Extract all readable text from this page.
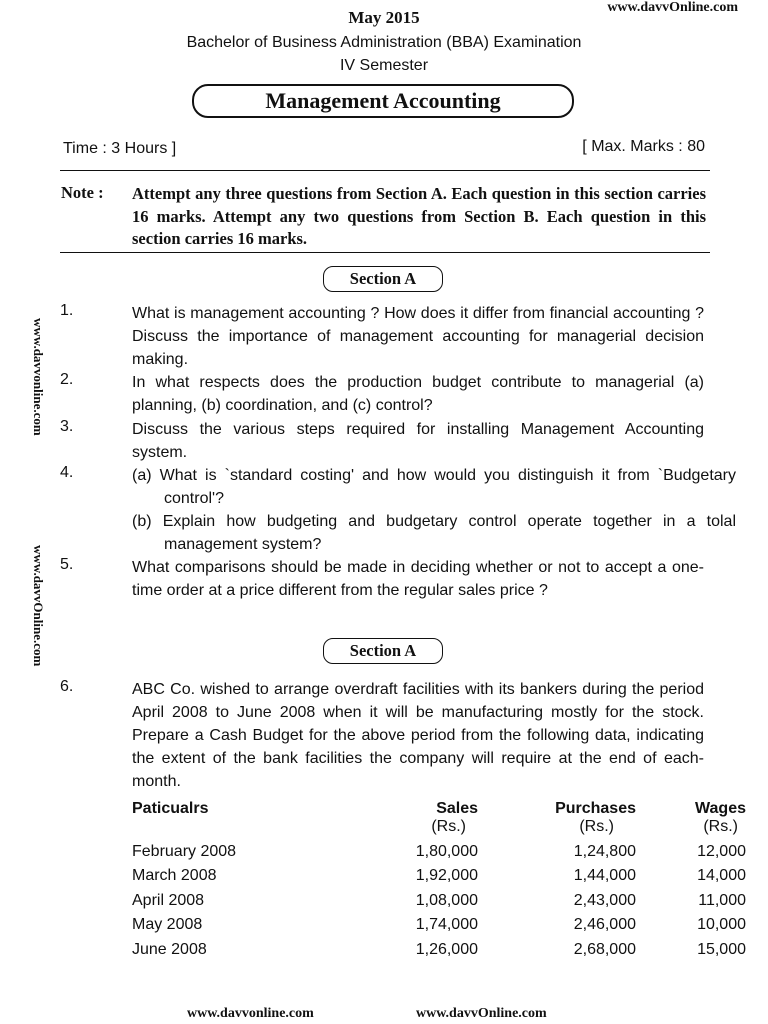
www.davvOnline.com
www.davvonline.com
www.davvOnline.com
May 2015
Bachelor of Business Administration (BBA) Examination
IV Semester
Management Accounting
Time : 3 Hours ]	[ Max. Marks : 80
Note : Attempt any three questions from Section A. Each question in this section carries 16 marks. Attempt any two questions from Section B. Each question in this section carries 16 marks.
Section A
1.	What is management accounting ? How does it differ from financial accounting ? Discuss the importance of management accounting for managerial decision making.
2.	In what respects does the production budget contribute to managerial (a) planning, (b) coordination, and (c) control?
3.	Discuss the various steps required for installing Management Accounting system.
4.	(a) What is `standard costing' and how would you distinguish it from `Budgetary control'?
(b) Explain how budgeting and budgetary control operate together in a tolal management system?
5.	What comparisons should be made in deciding whether or not to accept a one-time order at a price different from the regular sales price ?
Section A
6.	ABC Co. wished to arrange overdraft facilities with its bankers during the period April 2008 to June 2008 when it will be manufacturing mostly for the stock. Prepare a Cash Budget for the above period from the following data, indicating the extent of the bank facilities the company will require at the end of each-month.
Paticualrs	Sales	Purchases	Wages
	(Rs.)	(Rs.)	(Rs.)
February 2008	1,80,000	1,24,800	12,000
March 2008	1,92,000	1,44,000	14,000
April 2008	1,08,000	2,43,000	11,000
May 2008	1,74,000	2,46,000	10,000
June 2008	1,26,000	2,68,000	15,000
www.davvonline.com	www.davvOnline.com
